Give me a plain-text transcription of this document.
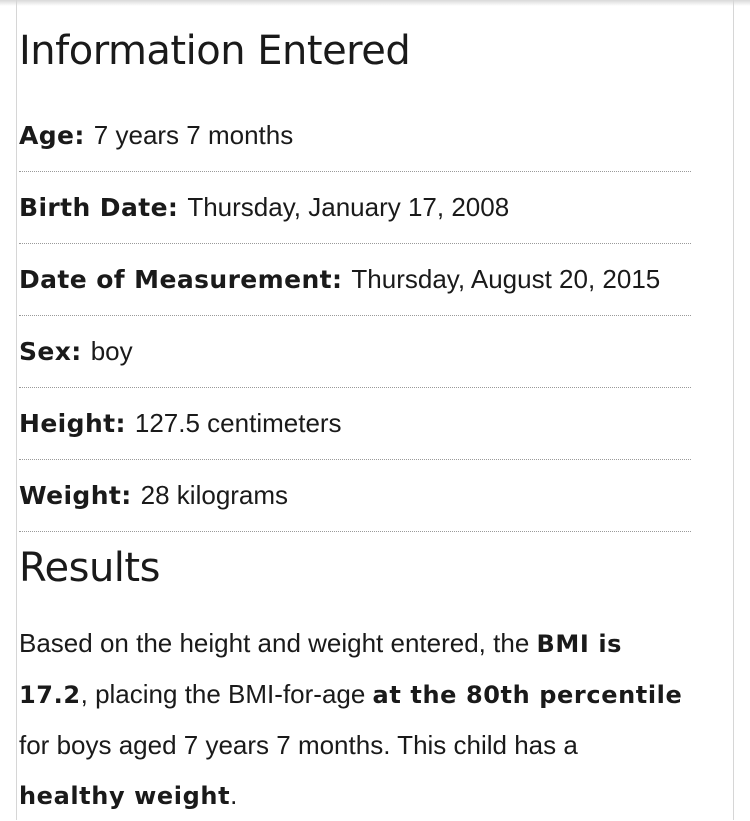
Information Entered
Age: 7 years 7 months
Birth Date: Thursday, January 17, 2008
Date of Measurement: Thursday, August 20, 2015
Sex: boy
Height: 127.5 centimeters
Weight: 28 kilograms
Results

Based on the height and weight entered, the BMI is 17.2, placing the BMI-for-age at the 80th percentile for boys aged 7 years 7 months. This child has a healthy weight.
